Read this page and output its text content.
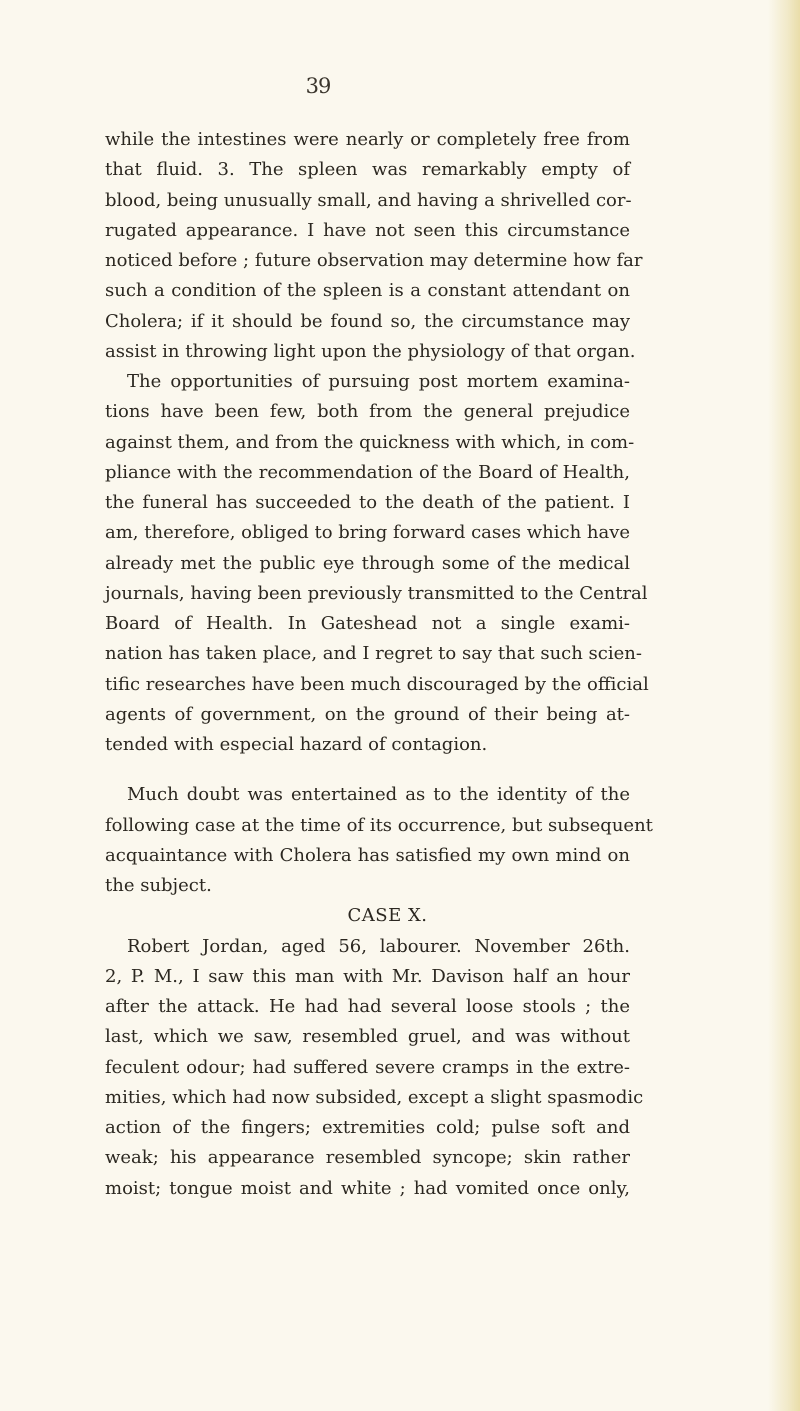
39
while the intestines were nearly or completely free from
that fluid. 3. The spleen was remarkably empty of
blood, being unusually small, and having a shrivelled cor-
rugated appearance. I have not seen this circumstance
noticed before ; future observation may determine how far
such a condition of the spleen is a constant attendant on
Cholera; if it should be found so, the circumstance may
assist in throwing light upon the physiology of that organ.
The opportunities of pursuing post mortem examina-
tions have been few, both from the general prejudice
against them, and from the quickness with which, in com-
pliance with the recommendation of the Board of Health,
the funeral has succeeded to the death of the patient. I
am, therefore, obliged to bring forward cases which have
already met the public eye through some of the medical
journals, having been previously transmitted to the Central
Board of Health. In Gateshead not a single exami-
nation has taken place, and I regret to say that such scien-
tific researches have been much discouraged by the official
agents of government, on the ground of their being at-
tended with especial hazard of contagion.
Much doubt was entertained as to the identity of the
following case at the time of its occurrence, but subsequent
acquaintance with Cholera has satisfied my own mind on
the subject.
CASE X.
Robert Jordan, aged 56, labourer. November 26th.
2, P. M., I saw this man with Mr. Davison half an hour
after the attack. He had had several loose stools ; the
last, which we saw, resembled gruel, and was without
feculent odour; had suffered severe cramps in the extre-
mities, which had now subsided, except a slight spasmodic
action of the fingers; extremities cold; pulse soft and
weak; his appearance resembled syncope; skin rather
moist; tongue moist and white ; had vomited once only,
